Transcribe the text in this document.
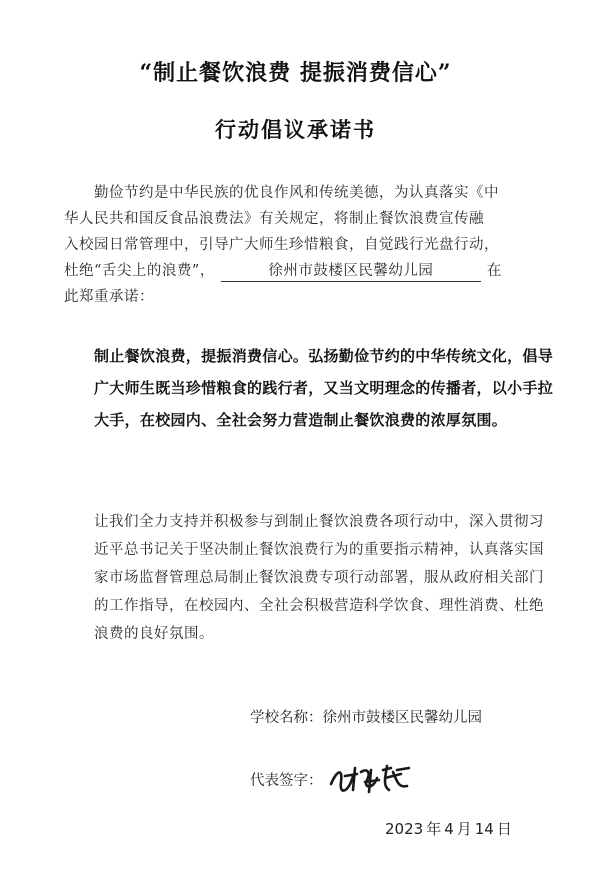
“制止餐饮浪费 提振消费信心”
行动倡议承诺书
勤俭节约是中华民族的优良作风和传统美德，为认真落实《中
华人民共和国反食品浪费法》有关规定，将制止餐饮浪费宣传融
入校园日常管理中，引导广大师生珍惜粮食，自觉践行光盘行动，
杜绝“舌尖上的浪费”，	徐州市鼓楼区民馨幼儿园	在
此郑重承诺：
制止餐饮浪费，提振消费信心。弘扬勤俭节约的中华传统文化，倡导广大师生既当珍惜粮食的践行者，又当文明理念的传播者，以小手拉大手，在校园内、全社会努力营造制止餐饮浪费的浓厚氛围。
让我们全力支持并积极参与到制止餐饮浪费各项行动中，深入贯彻习近平总书记关于坚决制止餐饮浪费行为的重要指示精神，认真落实国家市场监督管理总局制止餐饮浪费专项行动部署，服从政府相关部门的工作指导，在校园内、全社会积极营造科学饮食、理性消费、杜绝浪费的良好氛围。
学校名称：徐州市鼓楼区民馨幼儿园
代表签字：
2023 年 4 月 14 日
